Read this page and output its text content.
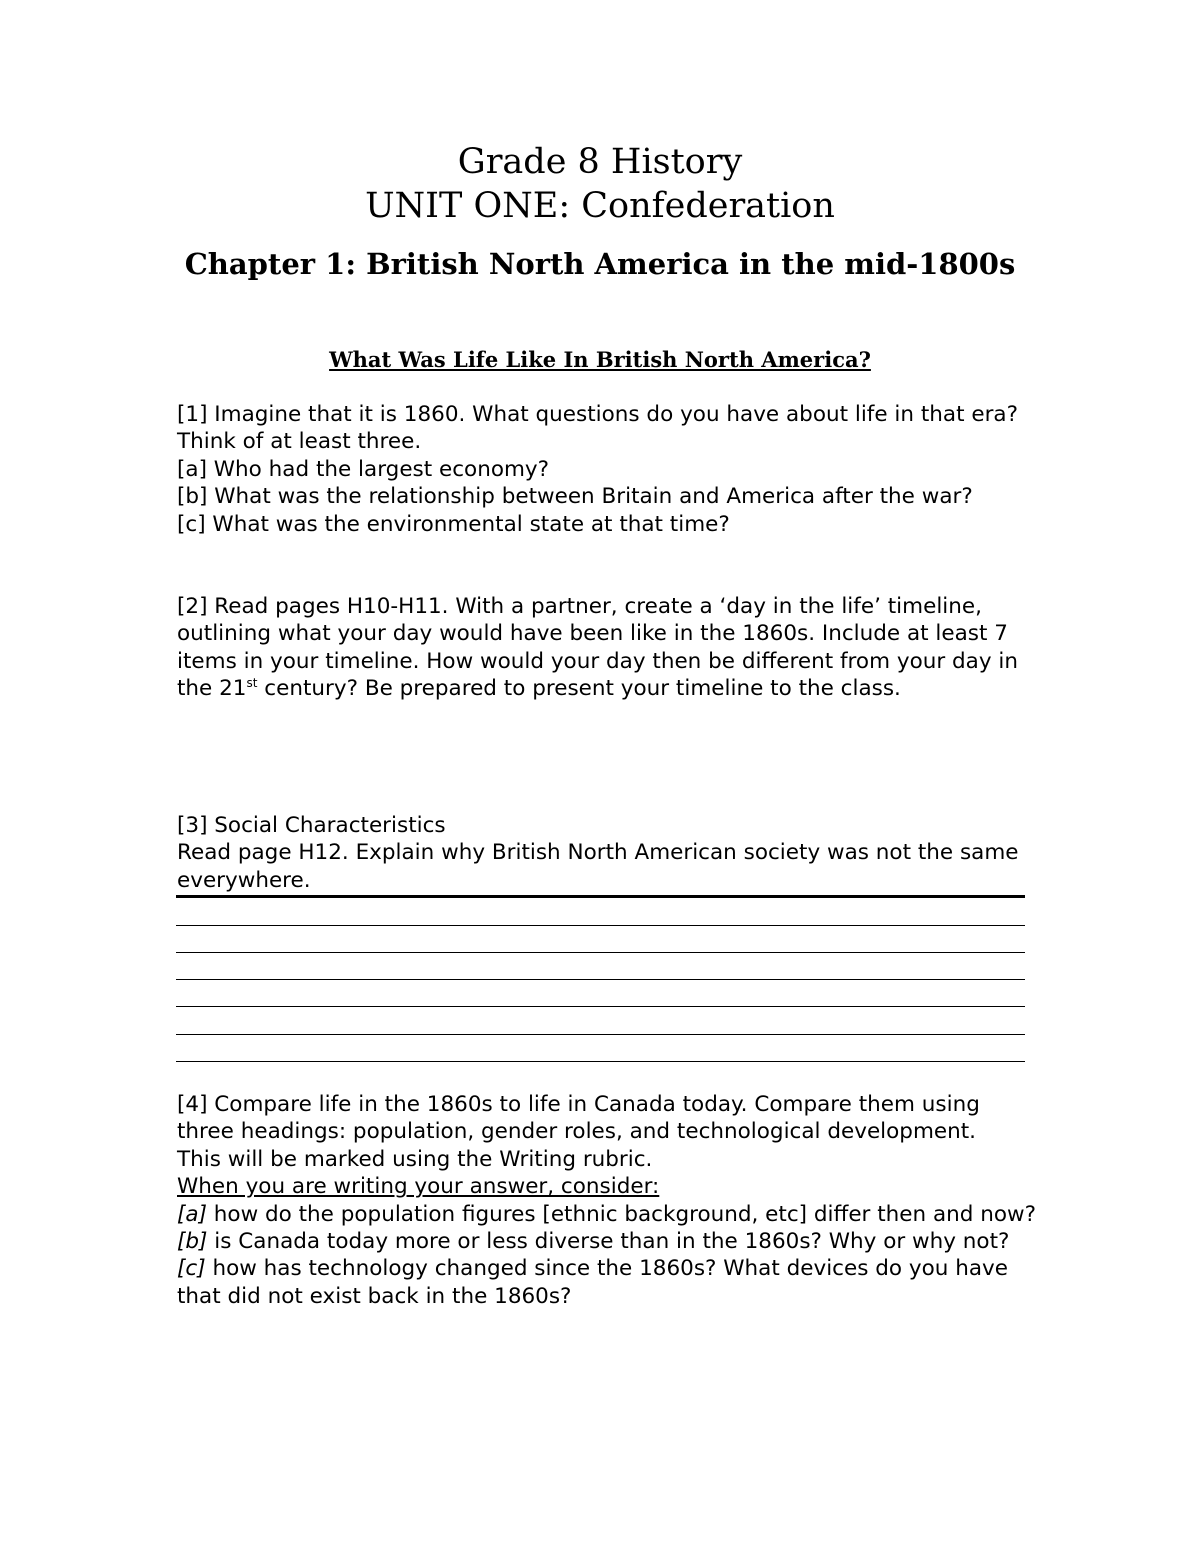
Grade 8 History
UNIT ONE: Confederation
Chapter 1: British North America in the mid-1800s
What Was Life Like In British North America?

[1] Imagine that it is 1860. What questions do you have about life in that era? Think of at least three.

[a] Who had the largest economy?

[b] What was the relationship between Britain and America after the war?

[c] What was the environmental state at that time?

[2] Read pages H10-H11. With a partner, create a ‘day in the life’ timeline, outlining what your day would have been like in the 1860s. Include at least 7 items in your timeline. How would your day then be different from your day in the 21st century? Be prepared to present your timeline to the class.

[3] Social Characteristics

Read page H12. Explain why British North American society was not the same everywhere.

[4] Compare life in the 1860s to life in Canada today. Compare them using three headings: population, gender roles, and technological development.

This will be marked using the Writing rubric.

When you are writing your answer, consider:

[a] how do the population figures [ethnic background, etc] differ then and now?

[b] is Canada today more or less diverse than in the 1860s? Why or why not?

[c] how has technology changed since the 1860s? What devices do you have that did not exist back in the 1860s?
